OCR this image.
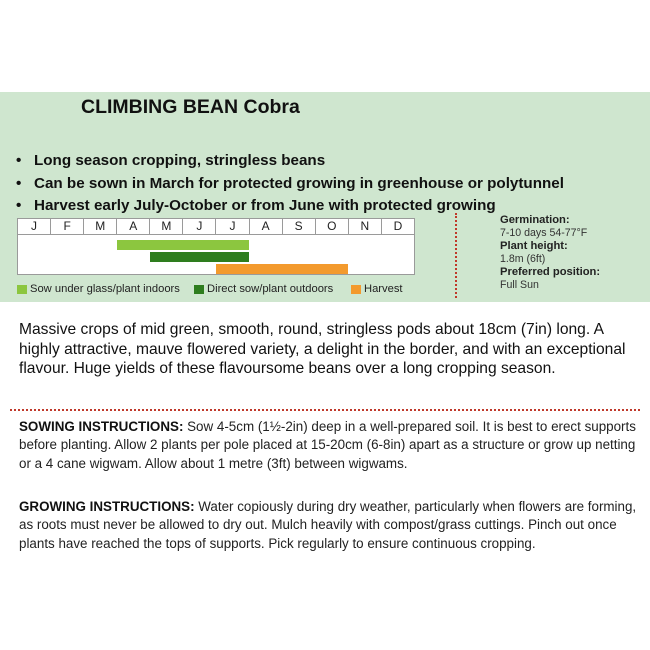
CLIMBING BEAN Cobra
• Long season cropping, stringless beans
• Can be sown in March for protected growing in greenhouse or polytunnel
• Harvest early July-October or from June with protected growing
J	F	M	A	M	J	J	A	S	O	N	D
Sow under glass/plant indoors Direct sow/plant outdoors	Harvest
Germination:
7-10 days 54-77°F
Plant height:
1.8m (6ft)
Preferred position:
Full Sun
Massive crops of mid green, smooth, round, stringless pods about 18cm (7in) long. A highly attractive, mauve flowered variety, a delight in the border, and with an exceptional flavour. Huge yields of these flavoursome beans over a long cropping season.
SOWING INSTRUCTIONS: Sow 4-5cm (1½-2in) deep in a well-prepared soil. It is best to erect supports before planting. Allow 2 plants per pole placed at 15-20cm (6-8in) apart as a structure or grow up netting or a 4 cane wigwam. Allow about 1 metre (3ft) between wigwams.
GROWING INSTRUCTIONS: Water copiously during dry weather, particularly when flowers are forming, as roots must never be allowed to dry out. Mulch heavily with compost/grass cuttings. Pinch out once plants have reached the tops of supports. Pick regularly to ensure continuous cropping.
